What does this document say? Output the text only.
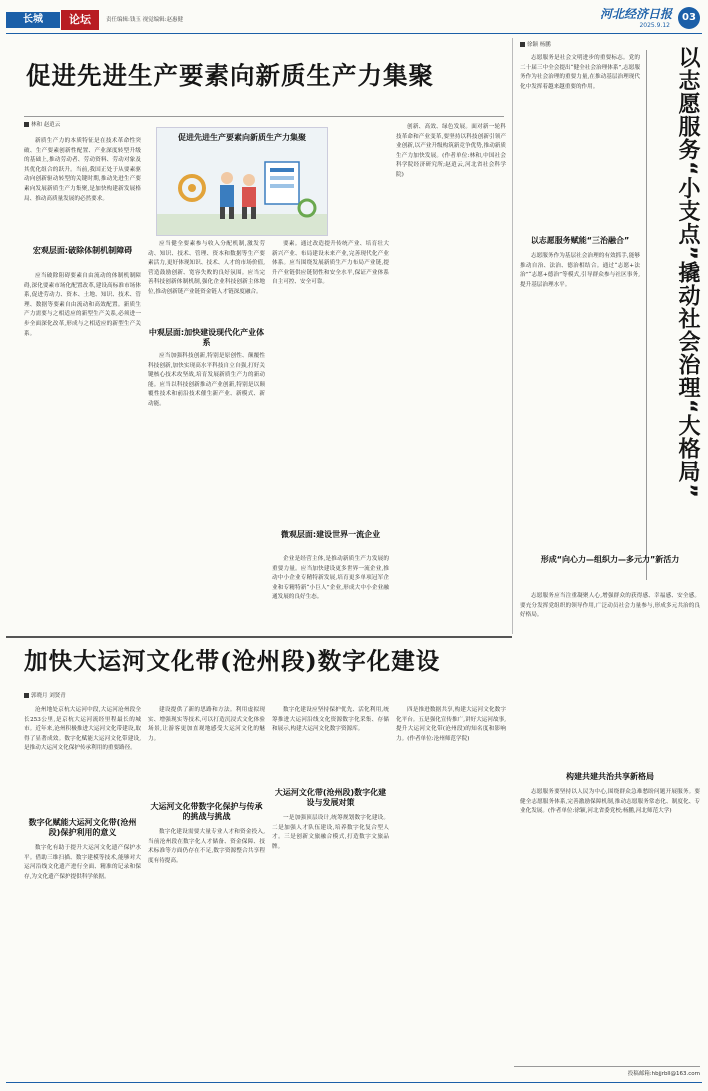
长城	论坛	责任编辑:钱玉 视觉编辑:赵惠健	河北经济日报
2025.9.12
03
促进先进生产要素向新质生产力集聚
林和 赵逍云
促进先进生产要素向新质生产力集聚
新质生产力的本质特征是在技术革命性突破、生产要素创新性配置、产业深度转型升级的基础上,推动劳动者、劳动资料、劳动对象及其优化组合的跃升。当前,我国正处于从要素驱动向创新驱动转型的关键时期,推动先进生产要素向发展新质生产力集聚,是加快构建新发展格局、推动高质量发展的必然要求。
宏观层面:破除体制机制障碍
应当破除阻碍要素自由流动的体制机制障碍,深化要素市场化配置改革,建设高标准市场体系,促进劳动力、资本、土地、知识、技术、管理、数据等要素自由流动和高效配置。新质生产力需要与之相适应的新型生产关系,必须进一步全面深化改革,形成与之相适应的新型生产关系。
应当健全要素参与收入分配机制,激发劳动、知识、技术、管理、资本和数据等生产要素活力,更好体现知识、技术、人才的市场价值,营造鼓励创新、宽容失败的良好氛围。应当完善科技创新体制机制,强化企业科技创新主体地位,推动创新链产业链资金链人才链深度融合。
中观层面:加快建设现代化产业体系
应当加强科技创新,特别是原创性、颠覆性科技创新,加快实现高水平科技自立自强,打好关键核心技术攻坚战,培育发展新质生产力的新动能。应当以科技创新推动产业创新,特别是以颠覆性技术和前沿技术催生新产业、新模式、新动能。
要素。通过改造提升传统产业、培育壮大新兴产业、布局建设未来产业,完善现代化产业体系。应当围绕发展新质生产力布局产业链,提升产业链供应链韧性和安全水平,保证产业体系自主可控、安全可靠。
微观层面:建设世界一流企业
企业是经营主体,是推动新质生产力发展的重要力量。应当加快建设更多世界一流企业,推动中小企业专精特新发展,培育更多单项冠军企业和专精特新“小巨人”企业,形成大中小企业融通发展的良好生态。
创新、高效、绿色发展。面对新一轮科技革命和产业变革,要坚持以科技创新引领产业创新,以产业升级构筑新竞争优势,推动新质生产力加快发展。(作者单位:林和,中国社会科学院经济研究所;赵逍云,河北省社会科学院)
加快大运河文化带(沧州段)数字化建设
郭晓月 刘贤青
沧州地处京杭大运河中段,大运河沧州段全长253公里,是京杭大运河流经里程最长的城市。近年来,沧州积极推进大运河文化带建设,取得了显著成效。数字化赋能大运河文化带建设,是推动大运河文化保护传承利用的重要路径。
数字化赋能大运河文化带(沧州段)保护利用的意义
数字化有助于提升大运河文化遗产保护水平。借助三维扫描、数字建模等技术,能够对大运河沿线文化遗产进行全面、精准的记录和保存,为文化遗产保护提供科学依据。
建设提供了新的思路和方法。利用虚拟现实、增强现实等技术,可以打造沉浸式文化体验场景,让游客更加直观地感受大运河文化的魅力。
大运河文化带数字化保护与传承的挑战与挑战
数字化建设需要大量专业人才和资金投入,当前沧州段在数字化人才储备、资金保障、技术标准等方面仍存在不足,数字资源整合共享程度有待提高。
数字化建设应坚持保护优先、活化利用,统筹推进大运河沿线文化资源数字化采集、存储和展示,构建大运河文化数字资源库。
大运河文化带(沧州段)数字化建设与发展对策
一是加强顶层设计,统筹规划数字化建设。二是加强人才队伍建设,培养数字化复合型人才。三是创新文旅融合模式,打造数字文旅品牌。
四是推进数据共享,构建大运河文化数字化平台。五是强化宣传推广,讲好大运河故事,提升大运河文化带(沧州段)的知名度和影响力。(作者单位:沧州师范学院)
徐颖 杨鹏
以志愿服务“小支点”撬动社会治理“大格局”
志愿服务是社会文明进步的重要标志。党的二十届三中全会提出“健全社会治理体系”,志愿服务作为社会治理的重要力量,在推动基层治理现代化中发挥着越来越重要的作用。
以志愿服务赋能“三治融合”
志愿服务作为基层社会治理的有效抓手,能够推动自治、法治、德治相结合。通过“志愿+法治”“志愿+德治”等模式,引导群众参与社区事务,提升基层治理水平。
志愿服务应当注重凝聚人心,增强群众的获得感、幸福感、安全感。要充分发挥党组织的领导作用,广泛动员社会力量参与,形成多元共治的良好格局。
形成“向心力—组织力—多元力”新活力
构建共建共治共享新格局
志愿服务要坚持以人民为中心,围绕群众急难愁盼问题开展服务。要健全志愿服务体系,完善激励保障机制,推动志愿服务常态化、制度化、专业化发展。(作者单位:徐颖,河北省委党校;杨鹏,河北师范大学)
投稿邮箱:hbjjrbll@163.com
